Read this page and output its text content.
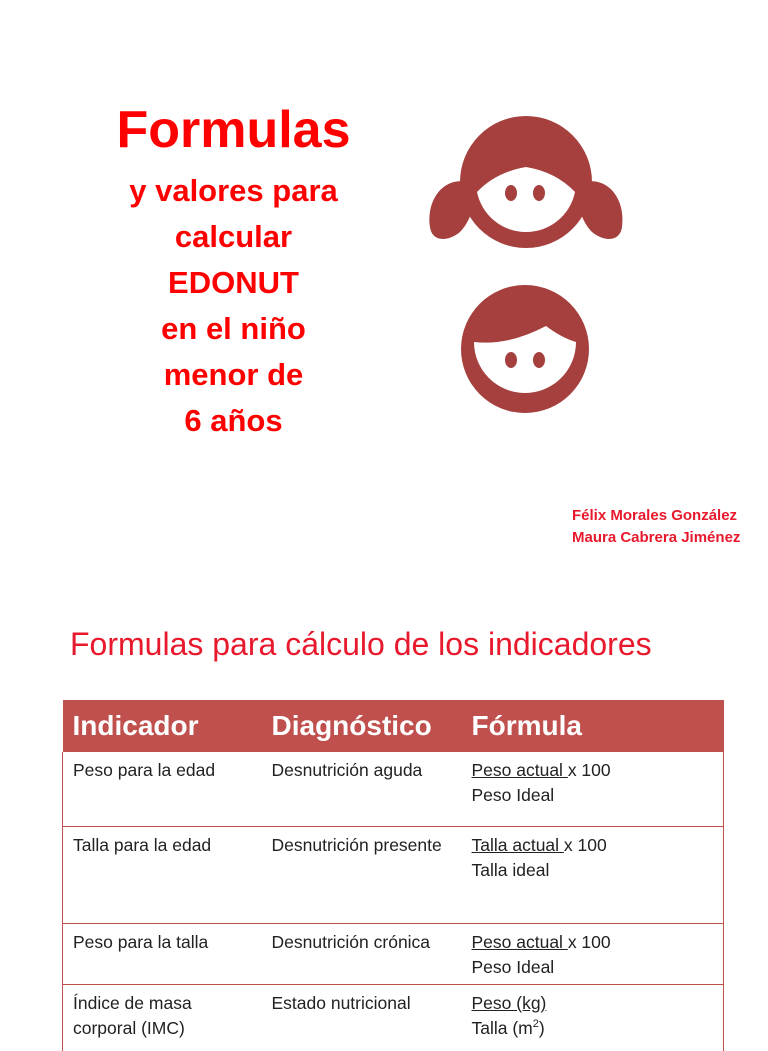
Formulas
y valores para
calcular
EDONUT
en el niño
menor de
6 años
Félix Morales González
Maura Cabrera Jiménez
Formulas para cálculo de los indicadores
Indicador	Diagnóstico	Fórmula
Peso para la edad	Desnutrición aguda	Peso actual x 100
Peso Ideal
Talla para la edad	Desnutrición presente	Talla actual x 100
Talla ideal
Peso para la talla	Desnutrición crónica	Peso actual x 100
Peso Ideal
Índice de masa corporal (IMC)	Estado nutricional	Peso (kg)
Talla $(m^2)$
